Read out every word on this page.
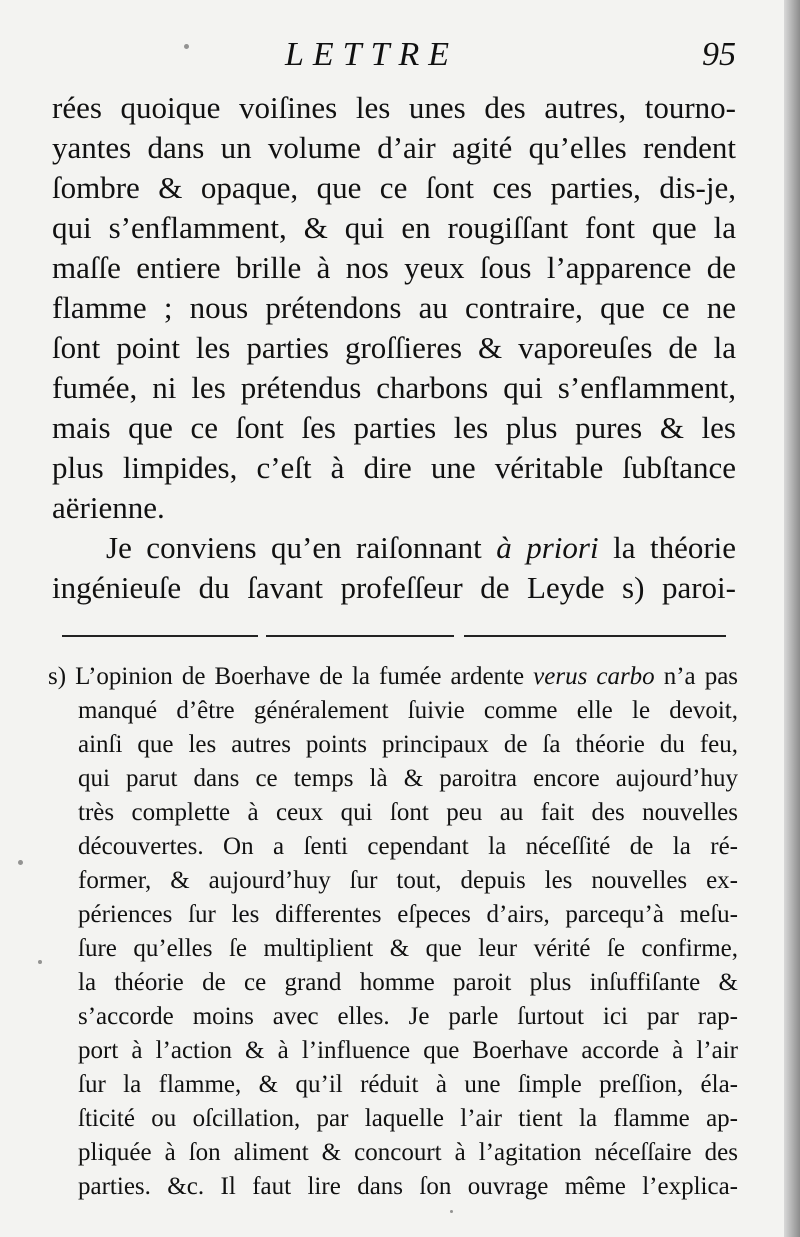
LETTRE	95
rées quoique voiſines les unes des autres, tourno-
yantes dans un volume d’air agité qu’elles rendent
ſombre & opaque, que ce ſont ces parties, dis-je,
qui s’enflamment, & qui en rougiſſant font que la
maſſe entiere brille à nos yeux ſous l’apparence de
flamme ; nous prétendons au contraire, que ce ne
ſont point les parties groſſieres & vaporeuſes de la
fumée, ni les prétendus charbons qui s’enflamment,
mais que ce ſont ſes parties les plus pures & les
plus limpides, c’eſt à dire une véritable ſubſtance
aërienne.
Je conviens qu’en raiſonnant à priori la théorie
ingénieuſe du ſavant profeſſeur de Leyde s) paroi-
s) L’opinion de Boerhave de la fumée ardente verus carbo n’a pas
manqué d’être généralement ſuivie comme elle le devoit,
ainſi que les autres points principaux de ſa théorie du feu,
qui parut dans ce temps là & paroitra encore aujourd’huy
très complette à ceux qui ſont peu au fait des nouvelles
découvertes. On a ſenti cependant la néceſſité de la ré-
former, & aujourd’huy ſur tout, depuis les nouvelles ex-
périences ſur les differentes eſpeces d’airs, parcequ’à meſu-
ſure qu’elles ſe multiplient & que leur vérité ſe confirme,
la théorie de ce grand homme paroit plus inſuffiſante &
s’accorde moins avec elles. Je parle ſurtout ici par rap-
port à l’action & à l’influence que Boerhave accorde à l’air
ſur la flamme, & qu’il réduit à une ſimple preſſion, éla-
ſticité ou oſcillation, par laquelle l’air tient la flamme ap-
pliquée à ſon aliment & concourt à l’agitation néceſſaire des
parties. &c. Il faut lire dans ſon ouvrage même l’explica-
